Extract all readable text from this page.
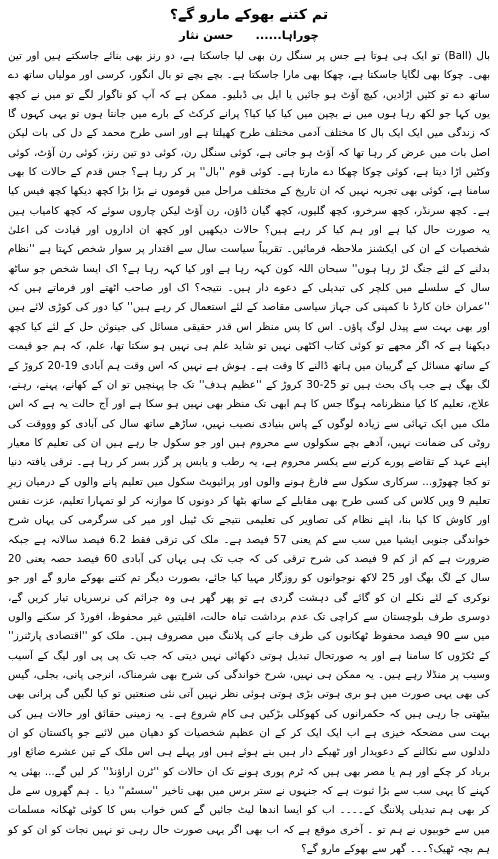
تم کتنے بھوکے مارو گے؟
چوراہا...... حسن نثار

بال (Ball) تو ایک ہی ہوتا ہے جس پر سنگل رن بھی لیا جاسکتا ہے، دو رنز بھی بنائے جاسکتے ہیں اور تین بھی۔ چوکا بھی لگایا جاسکتا ہے، چھکا بھی مارا جاسکتا ہے۔ بچے بچے تو بال انگور، کرسی اور مولیاں ساتھ دے ساتھ دے تو کٹیں اڑادیں، کیچ آؤٹ ہو جائیں یا ایل بی ڈبلیو۔ ممکن ہے کہ آپ کو ناگوار لگے تو میں نے کچھ یوں کہا جو لکھ رہا ہوں میں نے بچپن میں کیا کیا کیا؟ پرانے کرکٹ کے بارے میں جانتا ہوں تو یہی کہوں گا کہ زندگی میں ایک ایک بال کا مختلف آدمی مختلف طرح کھیلتا ہے اور اسی طرح محمد کے دل کی بات لیکن اصل بات میں عرض کر رہا تھا کہ آؤٹ ہو جاتی ہے، کوئی سنگل رن، کوئی دو تین رنز، کوئی رن آؤٹ، کوئی وکٹیں اڑا دیتا ہے، کوئی چوکا چھکا دے مارتا ہے۔ کوئی قوم ''بال'' پر کر رہا ہے؟ جس قدم کے حالات کا بھی سامنا ہے، کوئی بھی تجربہ نہیں کہ ان تاریخ کے مختلف مراحل میں قوموں نے بڑا بڑا کچھ دیکھا کچھ فیس کیا ہے۔ کچھ سرنڈر، کچھ سرخرو، کچھ گلیوں، کچھ گیان ڈاؤن، رن آؤٹ لیکن چاروں سوئے کہ کچھ کامیاب ہیں یہ صورت حال کیا ہے اور ہم کیا کر رہے ہیں؟ حالات دیکھیں اور کچھ ان اداروں اور قیادت کی اعلیٰ شخصیات کے ان کی ایکشنز ملاحظہ فرمائیں۔ تقریباً سیاست سال سے اقتدار پر سوار شخص کہتا ہے ''نظام بدلنے کے لئے جنگ لڑ رہا ہوں'' سبحان اللہ کون کہہ رہا ہے اور کیا کہہ رہا ہے؟ اک ایسا شخص جو ساٹھ سال کے سلسلے میں کلچر کی تبدیلی کے دعوے دار ہیں۔ نتیجہ؟ اک اور صاحب اٹھتے اور فرماتے ہیں کہ ''عمران خان کارڈ نا کمپنی کی جہاز سیاسی مقاصد کے لئے استعمال کر رہے ہیں'' کیا دور کی کوڑی لائے ہیں اور بھی بہت سے پیدل لوگ پاؤں۔ اس کا پس منظر اس قدر حقیقی مسائل کی جینوئن حل کے لئے کیا کچھ دیکھنا ہے کہ اگر مجھے تو کوئی کتاب اکٹھی نہیں تو شاید علم ہی نہیں ہو سکتا تھا، علم، کہ ہم جو قیمت کے ساتھ مسائل کے گریبان میں ہاتھ ڈالنے کا وقت ہے۔ ہوش ہے نہیں کہ اس وقت ہم آبادی 19-20 کروڑ کے لگ بھگ ہے جب پاک بحث ہیں تو 25-30 کروڑ کے ''عظیم ہدف'' تک جا پہنچیں تو ان کے کھانے، پہنے، رہنے، علاج، تعلیم کا کیا منظرنامہ ہوگا جس کا ہم ابھی تک منظر بھی نہیں ہو سکا ہے اور آج حالت یہ ہے کہ اس ملک میں ایک تہائی سے زیادہ لوگوں کے پاس بنیادی نصیب نہیں، ساڑھے ساتھ سال کی آبادی کو وووقت کی روٹی کی ضمانت نہیں، آدھے بچے سکولوں سے محروم ہیں اور جو سکول جا رہے ہیں ان کی تعلیم کا معیار اپنے عہد کے تقاضے پورے کرنے سے یکسر محروم ہے، یہ رطب و یابس پر گزر بسر کر رہا ہے۔ ترقی یافتہ دنیا تو کجا چھوڑو... سرکاری سکول سے فارغ ہونے والوں اور پرائیویٹ سکول میں تعلیم پانے والوں کے درمیان زیرِ تعلیم 9 ویں کلاس کی کسی طرح بھی مقابلے کے ساتھ بٹھا کر دونوں کا موازنہ کر لو تمہارا تعلیم، عزت نفس اور کاوش کا کیا بنا، اپنے نظام کی تصاویر کی تعلیمی نتیجے تک ٹیبل اور میر کی سرگرمی کی یہاں شرح خواندگی جنوبی ایشیا میں سب سے کم یعنی 57 فیصد ہے۔ ملک کی ترقی فقط 6.2 فیصد سالانہ ہے جبکہ ضرورت ہے کم از کم 9 فیصد کی شرح ترقی کی کہ جب تک ہی یہاں کی آبادی 60 فیصد حصہ یعنی 20 سال کے لگ بھگ اور 25 لاکھ نوجوانوں کو روزگار مہیا کیا جائے، بصورت دیگر تم کتنے بھوکے مارو گے اور جو نوکری کے لئے نکلے ان کو گائے گی دہشت گردی ہے تو پھر گھر ہی وہ جرائم کی نرسریاں تیار کریں گے، دوسری طرف بلوچستان سے کراچی تک عدم برداشت تباہ حالت، اقلیتیں غیر محفوظ، افورڈ کر سکنے والوں میں سے 90 فیصد محفوظ ٹھکانوں کی طرف جانے کی پلاننگ میں مصروف ہیں۔ ملک کو ''اقتصادی پارٹنرز'' کے ٹکڑوں کا سامنا ہے اور یہ صورتحال تبدیل ہوتی دکھائی نہیں دیتی کہ جب تک پی پی اور لیگ کے آسیب وسیب پر منڈلا رہے ہیں۔ یہ ممکن ہی نہیں، شرح خواندگی کی شرح بھی شرمناک، انرجی پانی، بجلی، گیس کی بھی یہی صورت میں ہو بری ہوتی بڑی ہوتی ہوئی نظر نہیں آتی نئی صنعتیں تو کیا لگیں گی پرانی بھی بیٹھتی جا رہی ہیں کہ حکمرانوں کی کھوکلی بڑکیں ہی کام شروع ہے۔ یہ زمینی حقائق اور حالات ہیں کی بہت سی مضحکہ خیزی ہے اب ایک ایک کر کے ان عظیم شخصیات کو دھیان میں لائیے جو پاکستان کو ان دلدلوں سے نکالنے کے دعویدار اور ٹھیکے دار ہیں بنے ہوئے ہیں اور پہلے ہی اس ملک کے تین عشرے ضائع اور برباد کر چکے اور ہم یا مصر بھی ہیں کہ ٹرم پوری ہونے تک ان حالات کو ''ٹرن اراؤنڈ'' کر لیں گے... بھئی یہ کہنے کا یہی سب سے بڑا ثبوت ہے کہ جنہوں نے ستر برس میں بھی تاخیر ''سسٹم'' دیا ۔ ہم گھروں سے مل کر بھی ہم تبدیلی پلاننگ کے۔۔۔۔ اب کو ایسا اندھا لیٹ جائیں گے کس خواب بس کا کوئی ٹھکانہ مسلمات میں سے خوبیوں نے ہم تو ۔ آخری موقع ہے کہ اب بھی اگر یہی صورت حال رہی تو نہیں نجات کو ان کو کو ہم بچہ ٹھیک؟۔۔۔ گھر سے بھوکے مارو گے؟
